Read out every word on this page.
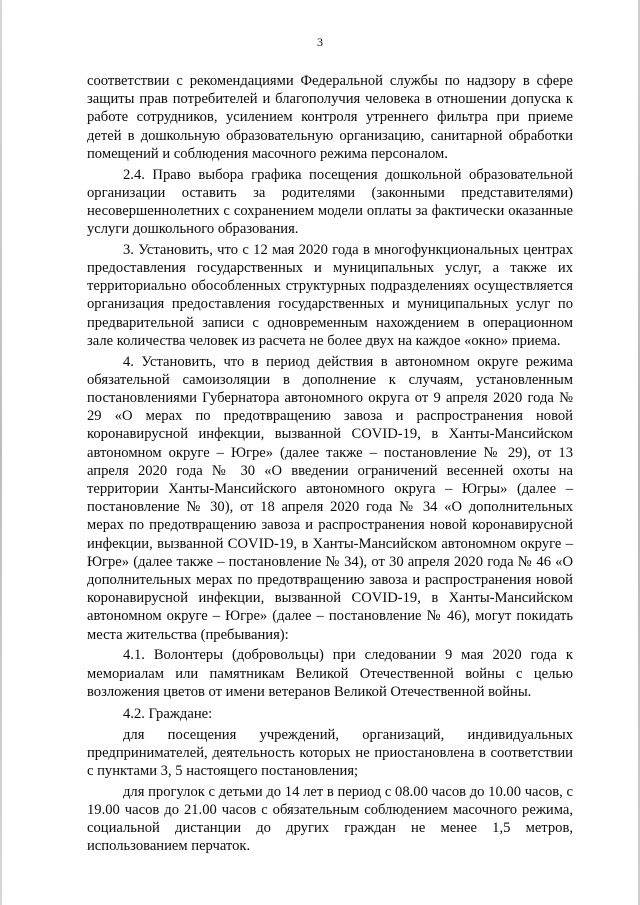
3

соответствии с рекомендациями Федеральной службы по надзору в сфере защиты прав потребителей и благополучия человека в отношении допуска к работе сотрудников, усилением контроля утреннего фильтра при приеме детей в дошкольную образовательную организацию, санитарной обработки помещений и соблюдения масочного режима персоналом.

2.4. Право выбора графика посещения дошкольной образовательной организации оставить за родителями (законными представителями) несовершеннолетних с сохранением модели оплаты за фактически оказанные услуги дошкольного образования.

3. Установить, что с 12 мая 2020 года в многофункциональных центрах предоставления государственных и муниципальных услуг, а также их территориально обособленных структурных подразделениях осуществляется организация предоставления государственных и муниципальных услуг по предварительной записи с одновременным нахождением в операционном зале количества человек из расчета не более двух на каждое «окно» приема.

4. Установить, что в период действия в автономном округе режима обязательной самоизоляции в дополнение к случаям, установленным постановлениями Губернатора автономного округа от 9 апреля 2020 года № 29 «О мерах по предотвращению завоза и распространения новой коронавирусной инфекции, вызванной COVID-19, в Ханты-Мансийском автономном округе – Югре» (далее также – постановление № 29), от 13 апреля 2020 года № 30 «О введении ограничений весенней охоты на территории Ханты-Мансийского автономного округа – Югры» (далее – постановление № 30), от 18 апреля 2020 года № 34 «О дополнительных мерах по предотвращению завоза и распространения новой коронавирусной инфекции, вызванной COVID-19, в Ханты-Мансийском автономном округе – Югре» (далее также – постановление № 34), от 30 апреля 2020 года № 46 «О дополнительных мерах по предотвращению завоза и распространения новой коронавирусной инфекции, вызванной COVID-19, в Ханты-Мансийском автономном округе – Югре» (далее – постановление № 46), могут покидать места жительства (пребывания):

4.1. Волонтеры (добровольцы) при следовании 9 мая 2020 года к мемориалам или памятникам Великой Отечественной войны с целью возложения цветов от имени ветеранов Великой Отечественной войны.

4.2. Граждане:

для посещения учреждений, организаций, индивидуальных предпринимателей, деятельность которых не приостановлена в соответствии с пунктами 3, 5 настоящего постановления;

для прогулок с детьми до 14 лет в период с 08.00 часов до 10.00 часов, с 19.00 часов до 21.00 часов с обязательным соблюдением масочного режима, социальной дистанции до других граждан не менее 1,5 метров, использованием перчаток.
